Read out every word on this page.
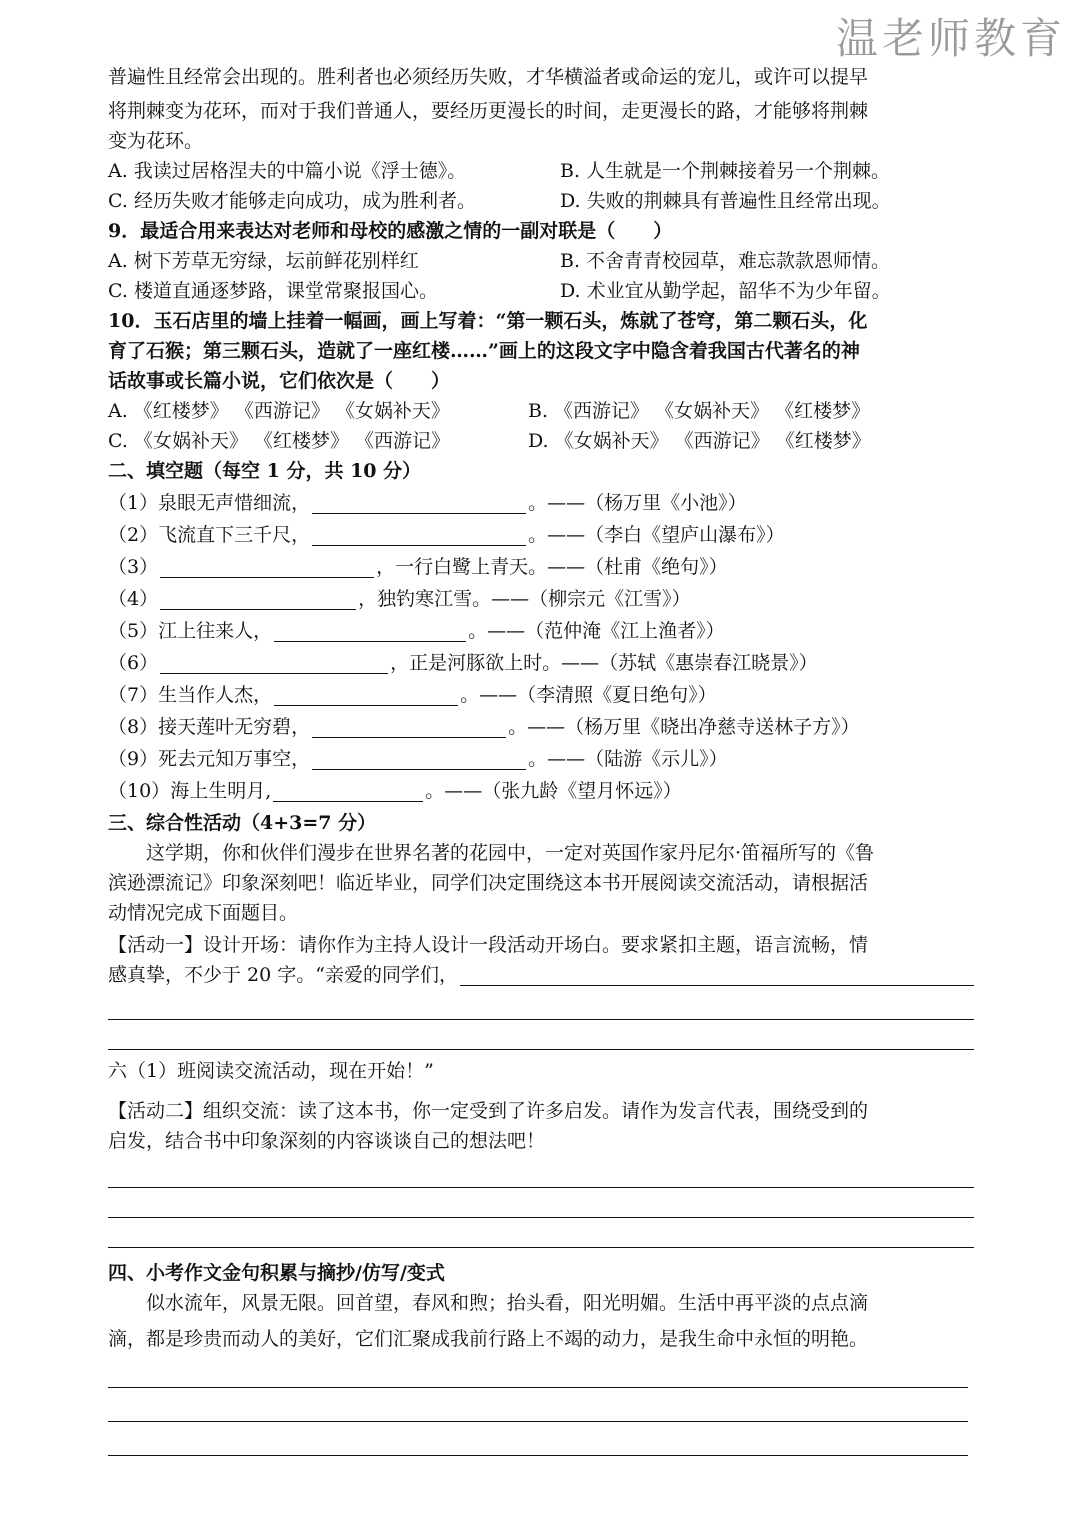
温老师教育
普遍性且经常会出现的。胜利者也必须经历失败，才华横溢者或命运的宠儿，或许可以提早
将荆棘变为花环，而对于我们普通人，要经历更漫长的时间，走更漫长的路，才能够将荆棘
变为花环。
A. 我读过居格涅夫的中篇小说《浮士德》。	B. 人生就是一个荆棘接着另一个荆棘。
C. 经历失败才能够走向成功，成为胜利者。	D. 失败的荆棘具有普遍性且经常出现。
9．最适合用来表达对老师和母校的感激之情的一副对联是（　　）
A. 树下芳草无穷绿，坛前鲜花别样红	B. 不舍青青校园草，难忘款款恩师情。
C. 楼道直通逐梦路，课堂常聚报国心。	D. 术业宜从勤学起，韶华不为少年留。
10．玉石店里的墙上挂着一幅画，画上写着：“第一颗石头，炼就了苍穹，第二颗石头，化
育了石猴；第三颗石头，造就了一座红楼……”画上的这段文字中隐含着我国古代著名的神
话故事或长篇小说，它们依次是（　　）
A. 《红楼梦》 《西游记》 《女娲补天》	B. 《西游记》 《女娲补天》 《红楼梦》
C. 《女娲补天》 《红楼梦》 《西游记》	D. 《女娲补天》 《西游记》 《红楼梦》
二、填空题（每空 1 分，共 10 分）
（1） 泉眼无声惜细流，	。——（杨万里《小池》）
（2） 飞流直下三千尺，	。——（李白《望庐山瀑布》）
（3）	，一行白鹭上青天。——（杜甫《绝句》）
（4）	，独钓寒江雪。——（柳宗元《江雪》）
（5） 江上往来人，	。——（范仲淹《江上渔者》）
（6）	，正是河豚欲上时。——（苏轼《惠崇春江晓景》）
（7） 生当作人杰，	。——（李清照《夏日绝句》）
（8） 接天莲叶无穷碧，	。——（杨万里《晓出净慈寺送林子方》）
（9） 死去元知万事空，	。——（陆游《示儿》）
（10） 海上生明月,	。——（张九龄《望月怀远》）
三、综合性活动（4+3=7 分）
　　这学期，你和伙伴们漫步在世界名著的花园中，一定对英国作家丹尼尔·笛福所写的《鲁
滨逊漂流记》印象深刻吧！临近毕业，同学们决定围绕这本书开展阅读交流活动，请根据活
动情况完成下面题目。
【活动一】设计开场：请你作为主持人设计一段活动开场白。要求紧扣主题，语言流畅，情
感真挚，不少于 20 字。“亲爱的同学们，
六（1）班阅读交流活动，现在开始！”
【活动二】组织交流：读了这本书，你一定受到了许多启发。请作为发言代表，围绕受到的
启发，结合书中印象深刻的内容谈谈自己的想法吧！
四、小考作文金句积累与摘抄/仿写/变式
　　似水流年，风景无限。回首望，春风和煦；抬头看，阳光明媚。生活中再平淡的点点滴
滴，都是珍贵而动人的美好，它们汇聚成我前行路上不竭的动力，是我生命中永恒的明艳。
